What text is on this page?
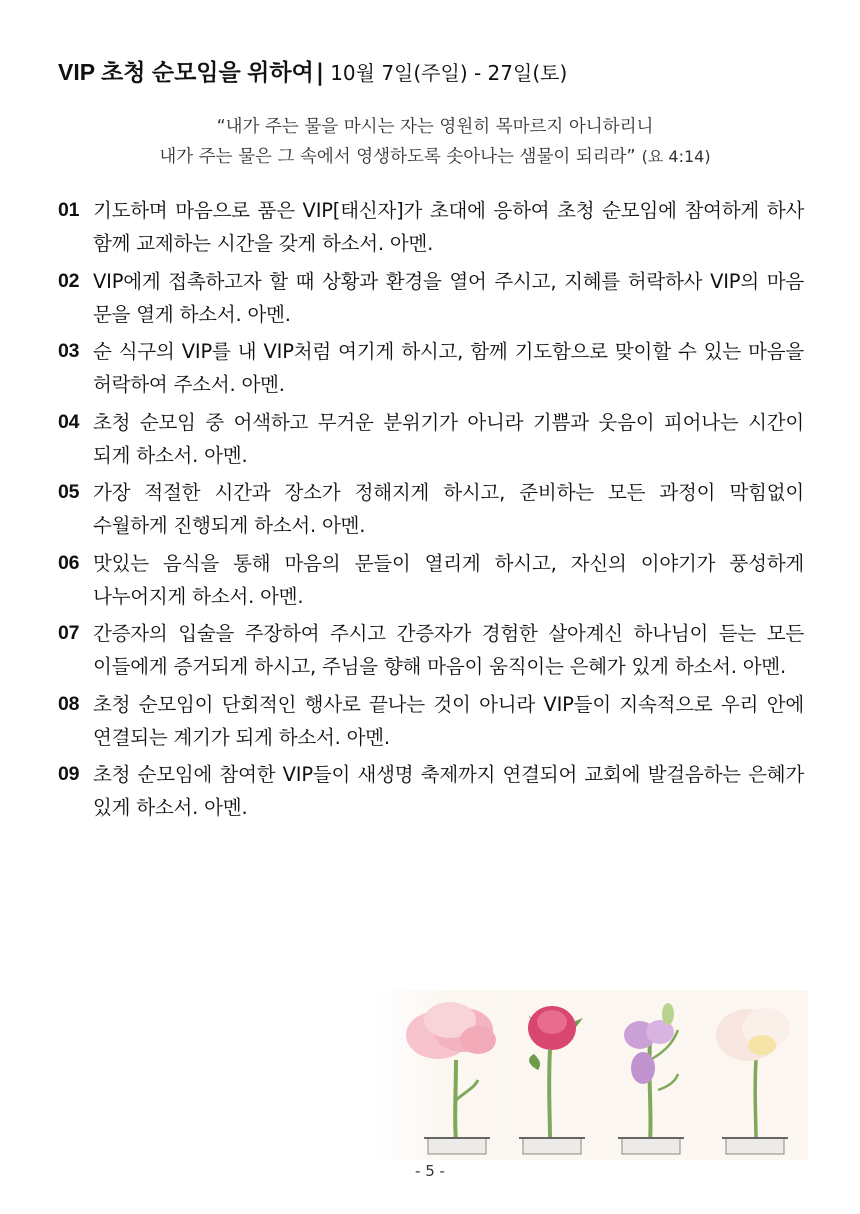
VIP 초청 순모임을 위하여| 10월 7일(주일) - 27일(토)
“내가 주는 물을 마시는 자는 영원히 목마르지 아니하리니
내가 주는 물은 그 속에서 영생하도록 솟아나는 샘물이 되리라” (요 4:14)
01 기도하며 마음으로 품은 VIP[태신자]가 초대에 응하여 초청 순모임에 참여하게 하사 함께 교제하는 시간을 갖게 하소서. 아멘.
02 VIP에게 접촉하고자 할 때 상황과 환경을 열어 주시고, 지혜를 허락하사 VIP의 마음 문을 열게 하소서. 아멘.
03 순 식구의 VIP를 내 VIP처럼 여기게 하시고, 함께 기도함으로 맞이할 수 있는 마음을 허락하여 주소서. 아멘.
04 초청 순모임 중 어색하고 무거운 분위기가 아니라 기쁨과 웃음이 피어나는 시간이 되게 하소서. 아멘.
05 가장 적절한 시간과 장소가 정해지게 하시고, 준비하는 모든 과정이 막힘없이 수월하게 진행되게 하소서. 아멘.
06 맛있는 음식을 통해 마음의 문들이 열리게 하시고, 자신의 이야기가 풍성하게 나누어지게 하소서. 아멘.
07 간증자의 입술을 주장하여 주시고 간증자가 경험한 살아계신 하나님이 듣는 모든 이들에게 증거되게 하시고, 주님을 향해 마음이 움직이는 은혜가 있게 하소서. 아멘.
08 초청 순모임이 단회적인 행사로 끝나는 것이 아니라 VIP들이 지속적으로 우리 안에 연결되는 계기가 되게 하소서. 아멘.
09 초청 순모임에 참여한 VIP들이 새생명 축제까지 연결되어 교회에 발걸음하는 은혜가 있게 하소서. 아멘.
- 5 -
